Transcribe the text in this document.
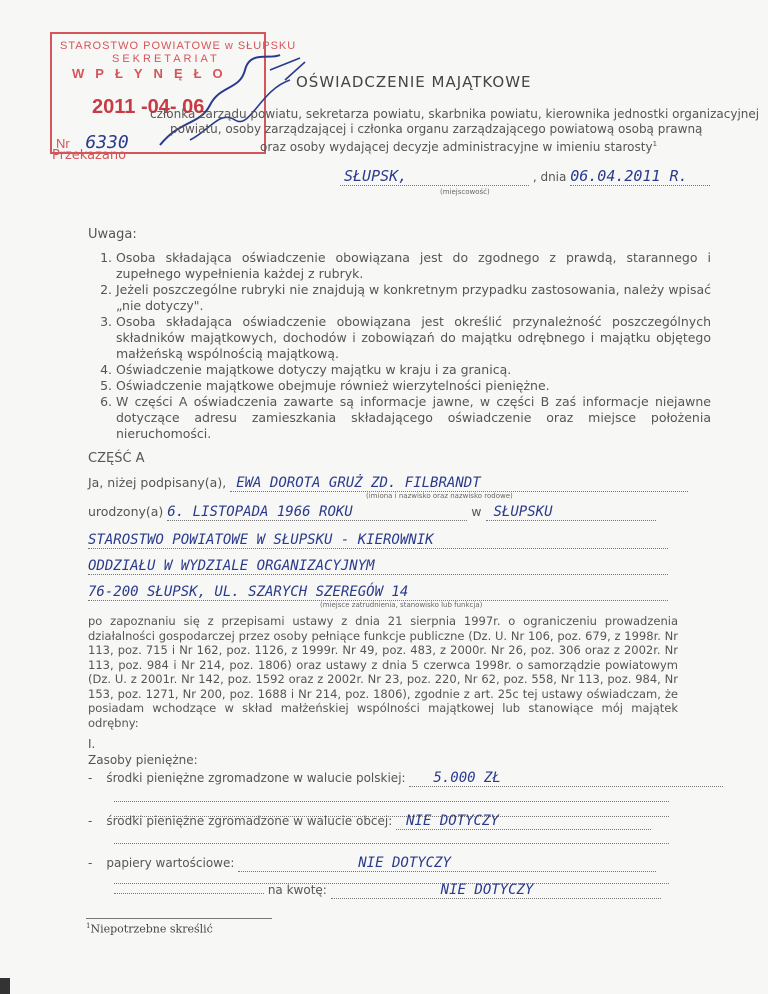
STAROSTWO POWIATOWE w SŁUPSKU
SEKRETARIAT
WPŁYNĘŁO
2011 -04- 06
Nr 6330
Przekazano
OŚWIADCZENIE MAJĄTKOWE
członka zarządu powiatu, sekretarza powiatu, skarbnika powiatu, kierownika jednostki organizacyjnej
powiatu, osoby zarządzającej i członka organu zarządzającego powiatową osobą prawną
oraz osoby wydającej decyzje administracyjne w imieniu starosty$^1$
SŁUPSK,	, dnia 06.04.2011 R.
(miejscowość)
Uwaga:
1. Osoba składająca oświadczenie obowiązana jest do zgodnego z prawdą, starannego i zupełnego wypełnienia każdej z rubryk.
2. Jeżeli poszczególne rubryki nie znajdują w konkretnym przypadku zastosowania, należy wpisać „nie dotyczy".
3. Osoba składająca oświadczenie obowiązana jest określić przynależność poszczególnych składników majątkowych, dochodów i zobowiązań do majątku odrębnego i majątku objętego małżeńską wspólnością majątkową.
4. Oświadczenie majątkowe dotyczy majątku w kraju i za granicą.
5. Oświadczenie majątkowe obejmuje również wierzytelności pieniężne.
6. W części A oświadczenia zawarte są informacje jawne, w części B zaś informacje niejawne dotyczące adresu zamieszkania składającego oświadczenie oraz miejsce położenia nieruchomości.
CZĘŚĆ A
Ja, niżej podpisany(a), EWA DOROTA GRUŻ ZD. FILBRANDT
(imiona i nazwisko oraz nazwisko rodowe)
urodzony(a) 6. LISTOPADA 1966 ROKU	w SŁUPSKU
STAROSTWO POWIATOWE W SŁUPSKU - KIEROWNIK
ODDZIAŁU W WYDZIALE ORGANIZACYJNYM
76-200 SŁUPSK, UL. SZARYCH SZEREGÓW 14
(miejsce zatrudnienia, stanowisko lub funkcja)
po zapoznaniu się z przepisami ustawy z dnia 21 sierpnia 1997r. o ograniczeniu prowadzenia działalności gospodarczej przez osoby pełniące funkcje publiczne (Dz. U. Nr 106, poz. 679, z 1998r. Nr 113, poz. 715 i Nr 162, poz. 1126, z 1999r. Nr 49, poz. 483, z 2000r. Nr 26, poz. 306 oraz z 2002r. Nr 113, poz. 984 i Nr 214, poz. 1806) oraz ustawy z dnia 5 czerwca 1998r. o samorządzie powiatowym (Dz. U. z 2001r. Nr 142, poz. 1592 oraz z 2002r. Nr 23, poz. 220, Nr 62, poz. 558, Nr 113, poz. 984, Nr 153, poz. 1271, Nr 200, poz. 1688 i Nr 214, poz. 1806), zgodnie z art. 25c tej ustawy oświadczam, że posiadam wchodzące w skład małżeńskiej wspólności majątkowej lub stanowiące mój majątek odrębny:
I.
Zasoby pieniężne:
- środki pieniężne zgromadzone w walucie polskiej: 5.000 ZŁ
- środki pieniężne zgromadzone w walucie obcej: NIE DOTYCZY
- papiery wartościowe:	NIE DOTYCZY
na kwotę:	NIE DOTYCZY
$^1$Niepotrzebne skreślić
